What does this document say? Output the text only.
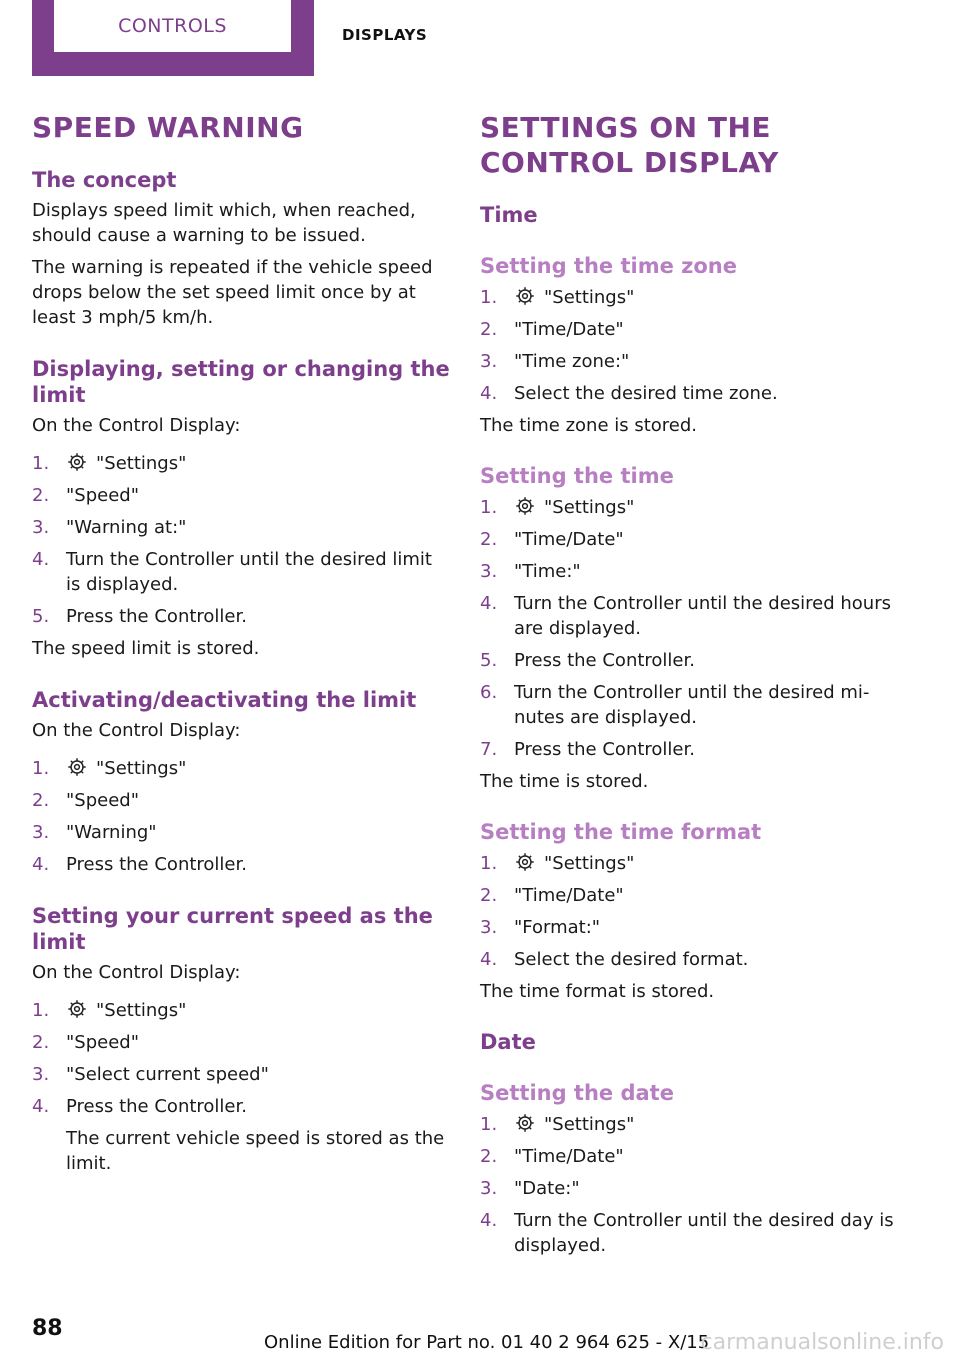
CONTROLS	DISPLAYS
SPEED WARNING
The concept

Displays speed limit which, when reached, should cause a warning to be issued.

The warning is repeated if the vehicle speed drops below the set speed limit once by at least 3 mph/5 km/h.

Displaying, setting or changing the limit

On the Control Display:

1.	"Settings"
2. "Speed"
3. "Warning at:"
4. Turn the Controller until the desired limit is displayed.
5. Press the Controller.

The speed limit is stored.

Activating/deactivating the limit

On the Control Display:

1.	"Settings"
2. "Speed"
3. "Warning"
4. Press the Controller.
Setting your current speed as the limit

On the Control Display:

1.	"Settings"
2. "Speed"
3. "Select current speed"
4. Press the Controller.
The current vehicle speed is stored as the limit.
SETTINGS ON THE CONTROL DISPLAY
Time
Setting the time zone
1.	"Settings"
2. "Time/Date"
3. "Time zone:"
4. Select the desired time zone.

The time zone is stored.

Setting the time
1.	"Settings"
2. "Time/Date"
3. "Time:"
4. Turn the Controller until the desired hours are displayed.
5. Press the Controller.
6. Turn the Controller until the desired mi‐ nutes are displayed.
7. Press the Controller.

The time is stored.

Setting the time format
1.	"Settings"
2. "Time/Date"
3. "Format:"
4. Select the desired format.

The time format is stored.

Date
Setting the date
1.	"Settings"
2. "Time/Date"
3. "Date:"
4. Turn the Controller until the desired day is displayed.
88
Online Edition for Part no. 01 40 2 964 625 - X/15
carmanualsonline.info
